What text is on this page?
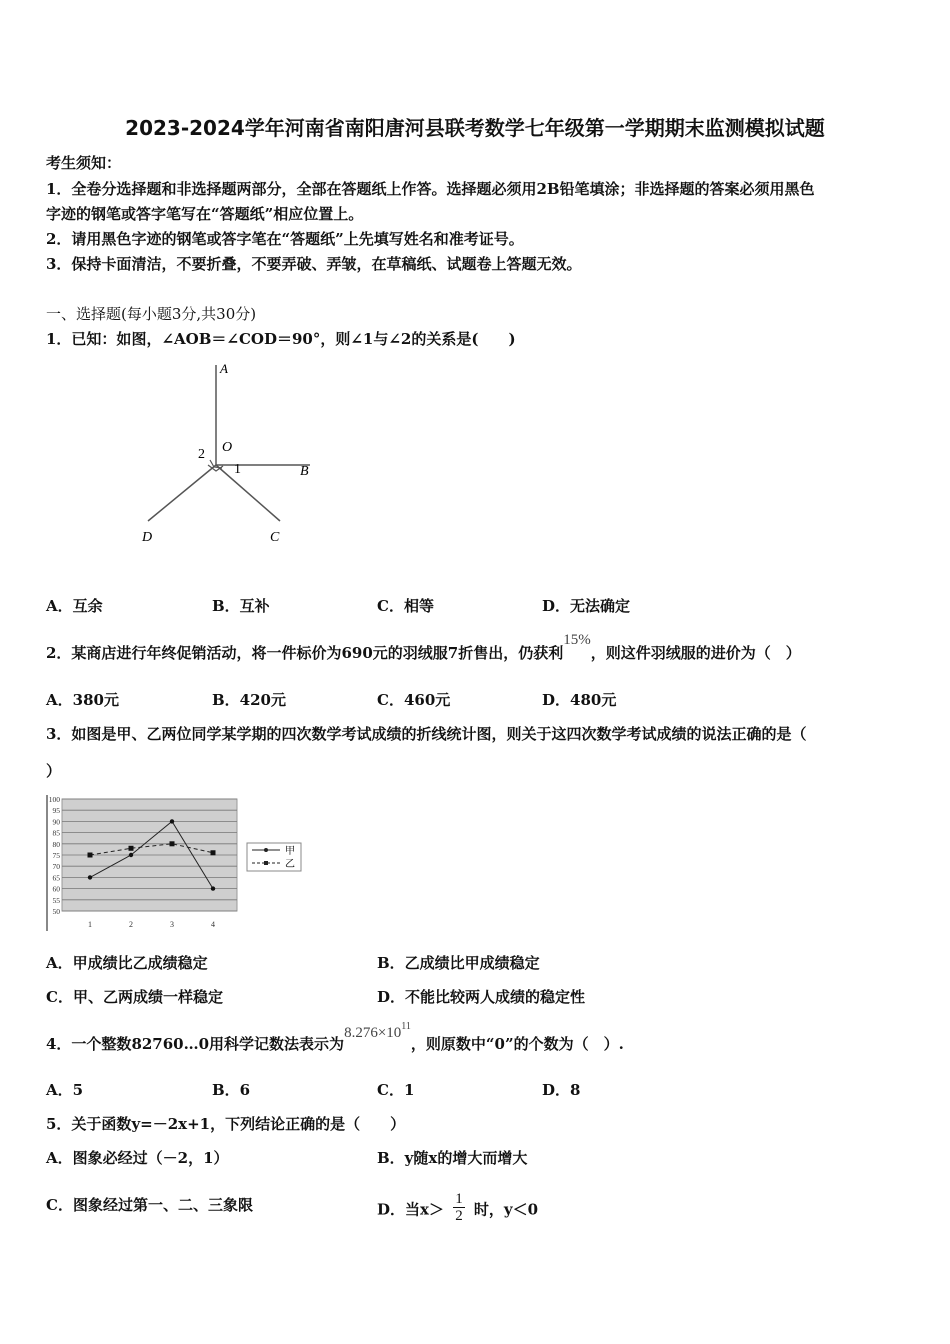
2023-2024学年河南省南阳唐河县联考数学七年级第一学期期末监测模拟试题
考生须知：
1．全卷分选择题和非选择题两部分，全部在答题纸上作答。选择题必须用2B铅笔填涂；非选择题的答案必须用黑色
字迹的钢笔或答字笔写在“答题纸”相应位置上。
2．请用黑色字迹的钢笔或答字笔在“答题纸”上先填写姓名和准考证号。
3．保持卡面清洁，不要折叠，不要弄破、弄皱，在草稿纸、试题卷上答题无效。
一、选择题(每小题3分,共30分)
1．已知：如图，∠AOB＝∠COD＝90°，则∠1与∠2的关系是(　　)
A
O
B
C
D
1
2
A．互余	B．互补	C．相等	D．无法确定
2．某商店进行年终促销活动，将一件标价为690元的羽绒服7折售出，仍获利15%，则这件羽绒服的进价为（　）
A．380元	B．420元	C．460元	D．480元
3．如图是甲、乙两位同学某学期的四次数学考试成绩的折线统计图，则关于这四次数学考试成绩的说法正确的是（
）
100
95
90
85
80
75
70
65
60
55
50
1	2	3	4
甲
乙
A．甲成绩比乙成绩稳定	B．乙成绩比甲成绩稳定
C．甲、乙两成绩一样稳定	D．不能比较两人成绩的稳定性
4．一个整数82760…0用科学记数法表示为$8.276\times 10^{11}$，则原数中“0”的个数为（　）.
A．5	B．6	C．1	D．8
5．关于函数y=－2x+1，下列结论正确的是（　　）
A．图象必经过（－2，1）	B．y随x的增大而增大
C．图象经过第一、二、三象限	D．当$x> \frac{1}{2}$ 时，y＜0
